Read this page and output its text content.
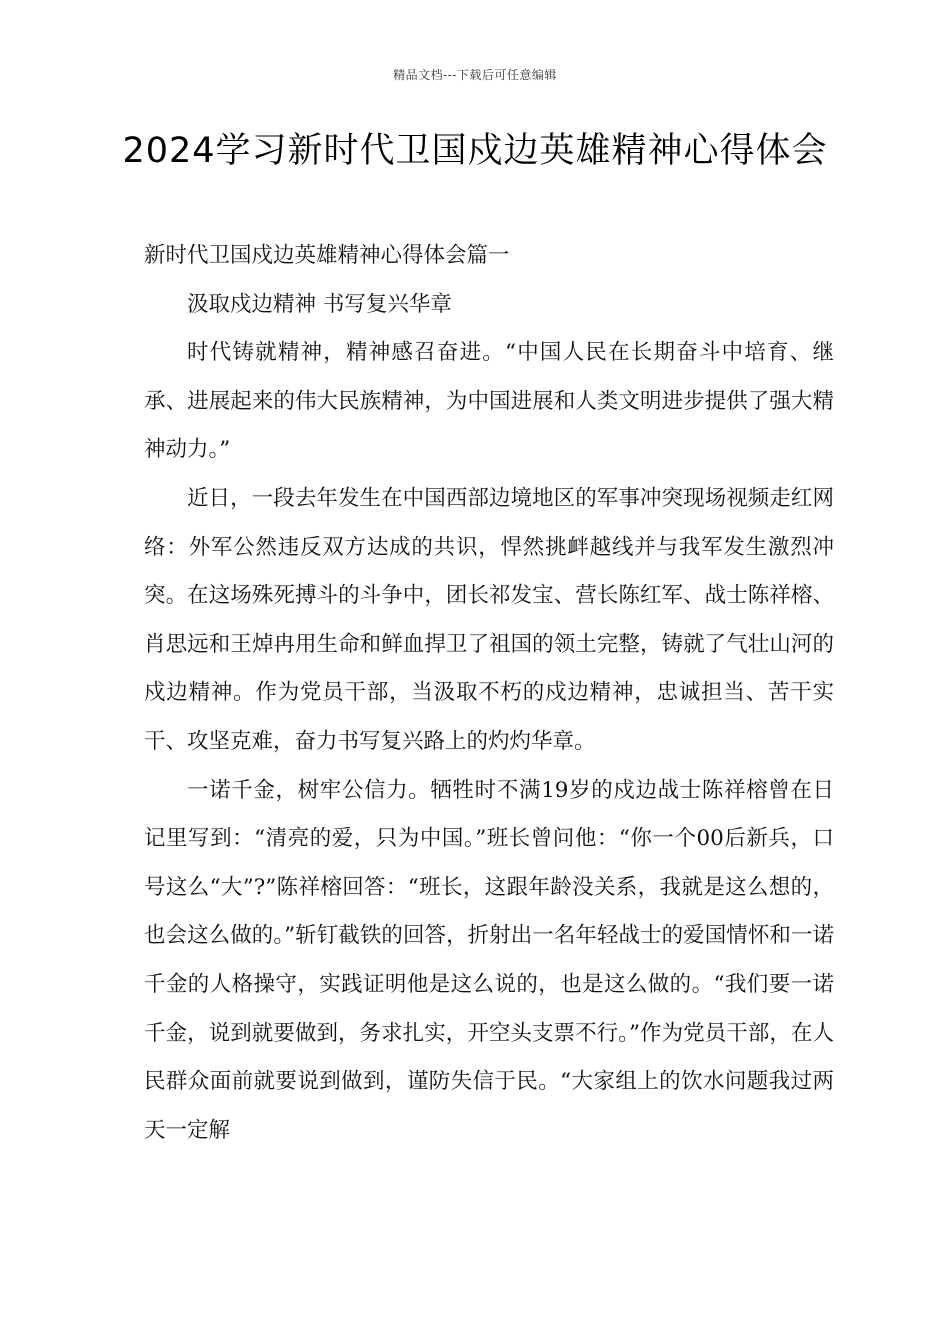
精品文档---下载后可任意编辑
2024学习新时代卫国戍边英雄精神心得体会

新时代卫国戍边英雄精神心得体会篇一

汲取戍边精神 书写复兴华章

时代铸就精神，精神感召奋进。“中国人民在长期奋斗中培育、继承、进展起来的伟大民族精神，为中国进展和人类文明进步提供了强大精神动力。”

近日，一段去年发生在中国西部边境地区的军事冲突现场视频走红网络：外军公然违反双方达成的共识，悍然挑衅越线并与我军发生激烈冲突。在这场殊死搏斗的斗争中，团长祁发宝、营长陈红军、战士陈祥榕、肖思远和王焯冉用生命和鲜血捍卫了祖国的领土完整，铸就了气壮山河的戍边精神。作为党员干部，当汲取不朽的戍边精神，忠诚担当、苦干实干、攻坚克难，奋力书写复兴路上的灼灼华章。

一诺千金，树牢公信力。牺牲时不满19岁的戍边战士陈祥榕曾在日记里写到：“清亮的爱，只为中国。”班长曾问他：“你一个00后新兵，口号这么“大”?”陈祥榕回答：“班长，这跟年龄没关系，我就是这么想的，也会这么做的。”斩钉截铁的回答，折射出一名年轻战士的爱国情怀和一诺千金的人格操守，实践证明他是这么说的，也是这么做的。“我们要一诺千金，说到就要做到，务求扎实，开空头支票不行。”作为党员干部，在人民群众面前就要说到做到，谨防失信于民。“大家组上的饮水问题我过两天一定解
